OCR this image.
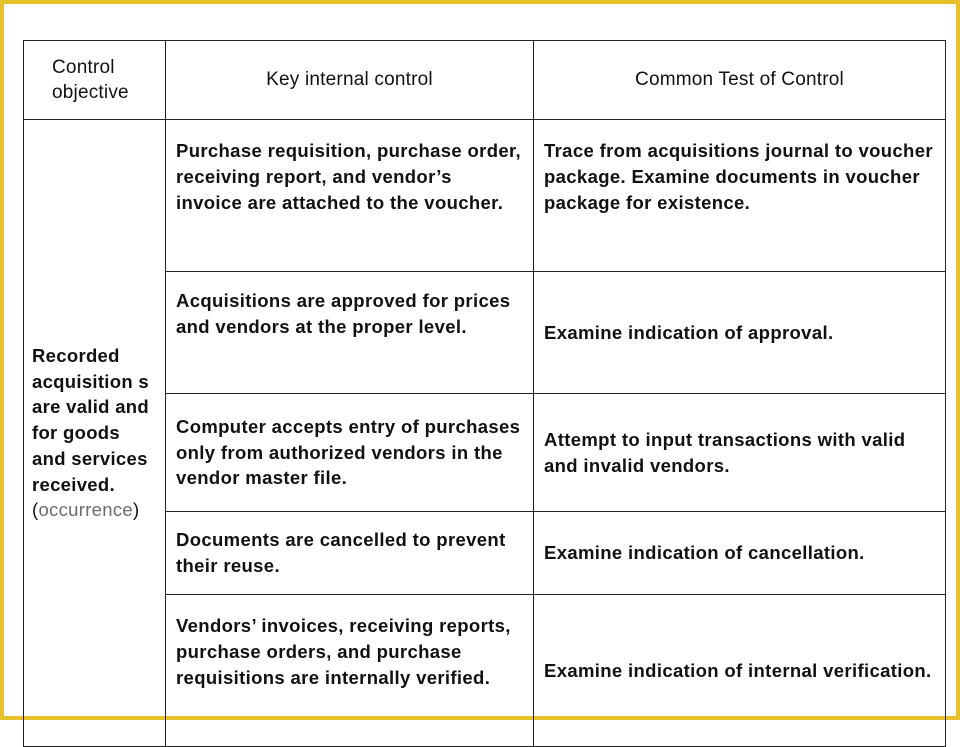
Control
objective	Key internal control	Common Test of Control
Recorded acquisition s are valid and for goods and services received. (occurrence)	Purchase requisition, purchase order, receiving report, and vendor’s invoice are attached to the voucher.	Trace from acquisitions journal to voucher package. Examine documents in voucher package for existence.
	Acquisitions are approved for prices and vendors at the proper level.	Examine indication of approval.
	Computer accepts entry of purchases only from authorized vendors in the vendor master file.	Attempt to input transactions with valid and invalid vendors.
	Documents are cancelled to prevent their reuse.	Examine indication of cancellation.
	Vendors’ invoices, receiving reports, purchase orders, and purchase requisitions are internally verified.	Examine indication of internal verification.
